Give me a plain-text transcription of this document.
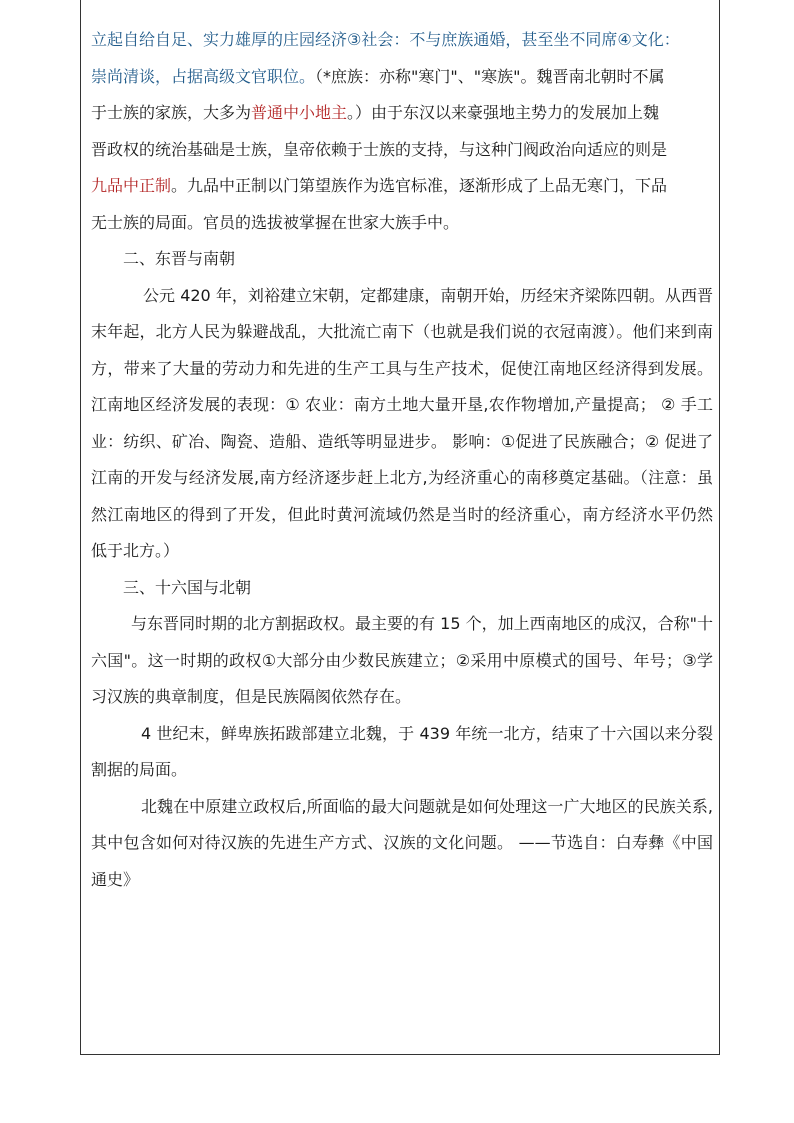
立起自给自足、实力雄厚的庄园经济③社会：不与庶族通婚，甚至坐不同席④文化：
崇尚清谈，占据高级文官职位。（*庶族：亦称"寒门"、"寒族"。魏晋南北朝时不属
于士族的家族，大多为普通中小地主。）由于东汉以来豪强地主势力的发展加上魏
晋政权的统治基础是士族，皇帝依赖于士族的支持，与这种门阀政治向适应的则是
九品中正制。九品中正制以门第望族作为选官标准，逐渐形成了上品无寒门，下品
无士族的局面。官员的选拔被掌握在世家大族手中。

二、东晋与南朝

公元 420 年，刘裕建立宋朝，定都建康，南朝开始，历经宋齐梁陈四朝。从西晋末年起，北方人民为躲避战乱，大批流亡南下（也就是我们说的衣冠南渡）。他们来到南方，带来了大量的劳动力和先进的生产工具与生产技术，促使江南地区经济得到发展。 江南地区经济发展的表现：① 农业：南方土地大量开垦,农作物增加,产量提高； ② 手工业：纺织、矿冶、陶瓷、造船、造纸等明显进步。 影响：①促进了民族融合；② 促进了江南的开发与经济发展,南方经济逐步赶上北方,为经济重心的南移奠定基础。（注意：虽然江南地区的得到了开发，但此时黄河流域仍然是当时的经济重心，南方经济水平仍然低于北方。）

三、十六国与北朝

与东晋同时期的北方割据政权。最主要的有 15 个，加上西南地区的成汉，合称"十六国"。这一时期的政权①大部分由少数民族建立；②采用中原模式的国号、年号；③学习汉族的典章制度，但是民族隔阂依然存在。

4 世纪末，鲜卑族拓跋部建立北魏，于 439 年统一北方，结束了十六国以来分裂割据的局面。

北魏在中原建立政权后,所面临的最大问题就是如何处理这一广大地区的民族关系,其中包含如何对待汉族的先进生产方式、汉族的文化问题。 ——节选自：白寿彝《中国通史》
